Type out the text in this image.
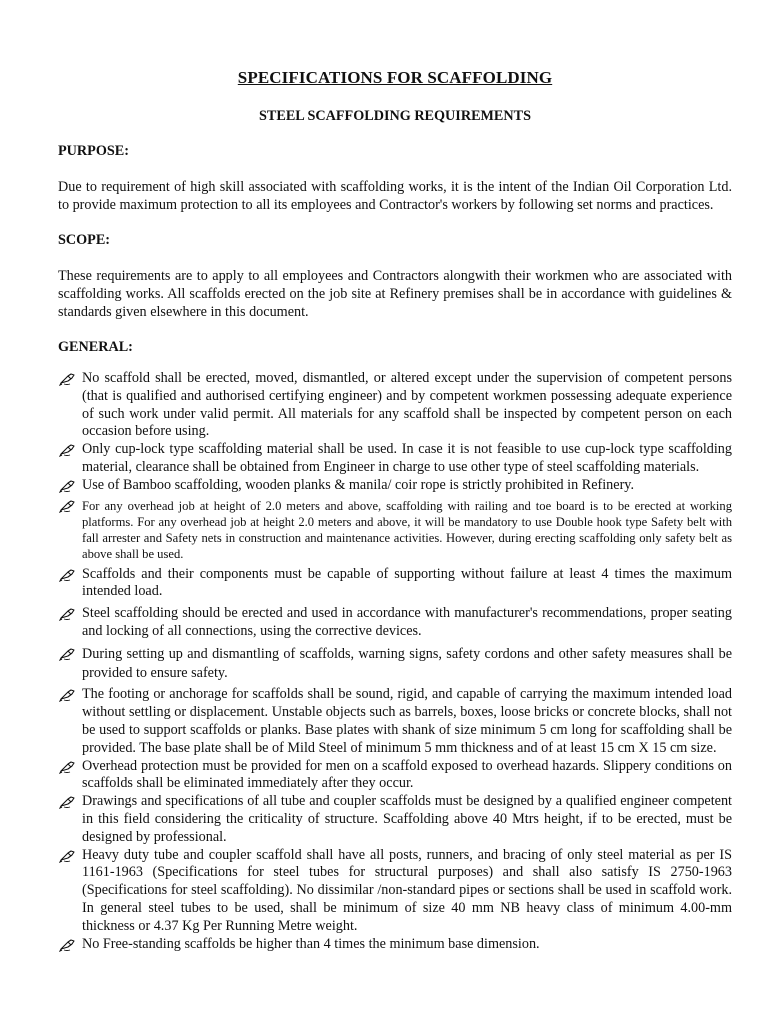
SPECIFICATIONS FOR SCAFFOLDING
STEEL SCAFFOLDING REQUIREMENTS
PURPOSE:
Due to requirement of high skill associated with scaffolding works, it is the intent of the Indian Oil Corporation Ltd. to provide maximum protection to all its employees and Contractor's workers by following set norms and practices.
SCOPE:
These requirements are to apply to all employees and Contractors alongwith their workmen who are associated with scaffolding works. All scaffolds erected on the job site at Refinery premises shall be in accordance with guidelines & standards given elsewhere in this document.
GENERAL:
No scaffold shall be erected, moved, dismantled, or altered except under the supervision of competent persons (that is qualified and authorised certifying engineer) and by competent workmen possessing adequate experience of such work under valid permit. All materials for any scaffold shall be inspected by competent person on each occasion before using.
Only cup-lock type scaffolding material shall be used. In case it is not feasible to use cup-lock type scaffolding material, clearance shall be obtained from Engineer in charge to use other type of steel scaffolding materials.
Use of Bamboo scaffolding, wooden planks & manila/ coir rope is strictly prohibited in Refinery.
For any overhead job at height of 2.0 meters and above, scaffolding with railing and toe board is to be erected at working platforms. For any overhead job at height 2.0 meters and above, it will be mandatory to use Double hook type Safety belt with fall arrester and Safety nets in construction and maintenance activities. However, during erecting scaffolding only safety belt as above shall be used.
Scaffolds and their components must be capable of supporting without failure at least 4 times the maximum intended load.
Steel scaffolding should be erected and used in accordance with manufacturer's recommendations, proper seating and locking of all connections, using the corrective devices.
During setting up and dismantling of scaffolds, warning signs, safety cordons and other safety measures shall be provided to ensure safety.
The footing or anchorage for scaffolds shall be sound, rigid, and capable of carrying the maximum intended load without settling or displacement. Unstable objects such as barrels, boxes, loose bricks or concrete blocks, shall not be used to support scaffolds or planks. Base plates with shank of size minimum 5 cm long for scaffolding shall be provided. The base plate shall be of Mild Steel of minimum 5 mm thickness and of at least 15 cm X 15 cm size.
Overhead protection must be provided for men on a scaffold exposed to overhead hazards. Slippery conditions on scaffolds shall be eliminated immediately after they occur.
Drawings and specifications of all tube and coupler scaffolds must be designed by a qualified engineer competent in this field considering the criticality of structure. Scaffolding above 40 Mtrs height, if to be erected, must be designed by professional.
Heavy duty tube and coupler scaffold shall have all posts, runners, and bracing of only steel material as per IS 1161-1963 (Specifications for steel tubes for structural purposes) and shall also satisfy IS 2750-1963 (Specifications for steel scaffolding). No dissimilar /non-standard pipes or sections shall be used in scaffold work. In general steel tubes to be used, shall be minimum of size 40 mm NB heavy class of minimum 4.00-mm thickness or 4.37 Kg Per Running Metre weight.
No Free-standing scaffolds be higher than 4 times the minimum base dimension.
